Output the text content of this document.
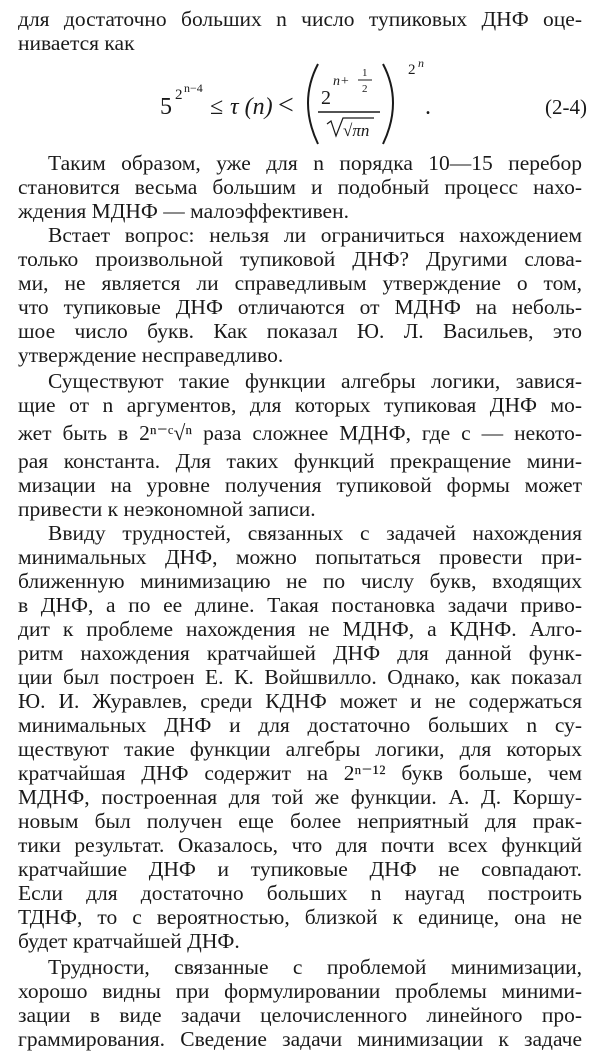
для достаточно больших n число тупиковых ДНФ оце-
нивается как
5 2 n−4
≤ τ (n) < 2
n+
1
2
√πn
2 n
.	(2-4)
Таким образом, уже для n порядка 10—15 перебор
становится весьма большим и подобный процесс нахо-
ждения МДНФ — малоэффективен.
Встает вопрос: нельзя ли ограничиться нахождением
только произвольной тупиковой ДНФ? Другими слова-
ми, не является ли справедливым утверждение о том,
что тупиковые ДНФ отличаются от МДНФ на неболь-
шое число букв. Как показал Ю. Л. Васильев, это
утверждение несправедливо.
Существуют такие функции алгебры логики, завися-
щие от n аргументов, для которых тупиковая ДНФ мо-
жет быть в 2ⁿ⁻ᶜ√ⁿ раза сложнее МДНФ, где c — некото-
рая константа. Для таких функций прекращение мини-
мизации на уровне получения тупиковой формы может
привести к неэкономной записи.
Ввиду трудностей, связанных с задачей нахождения
минимальных ДНФ, можно попытаться провести при-
ближенную минимизацию не по числу букв, входящих
в ДНФ, а по ее длине. Такая постановка задачи приво-
дит к проблеме нахождения не МДНФ, а КДНФ. Алго-
ритм нахождения кратчайшей ДНФ для данной функ-
ции был построен Е. К. Войшвилло. Однако, как показал
Ю. И. Журавлев, среди КДНФ может и не содержаться
минимальных ДНФ и для достаточно больших n су-
ществуют такие функции алгебры логики, для которых
кратчайшая ДНФ содержит на 2ⁿ⁻¹² букв больше, чем
МДНФ, построенная для той же функции. А. Д. Коршу-
новым был получен еще более неприятный для прак-
тики результат. Оказалось, что для почти всех функций
кратчайшие ДНФ и тупиковые ДНФ не совпадают.
Если для достаточно больших n наугад построить
ТДНФ, то с вероятностью, близкой к единице, она не
будет кратчайшей ДНФ.
Трудности, связанные с проблемой минимизации,
хорошо видны при формулировании проблемы миними-
зации в виде задачи целочисленного линейного про-
граммирования. Сведение задачи минимизации к задаче
